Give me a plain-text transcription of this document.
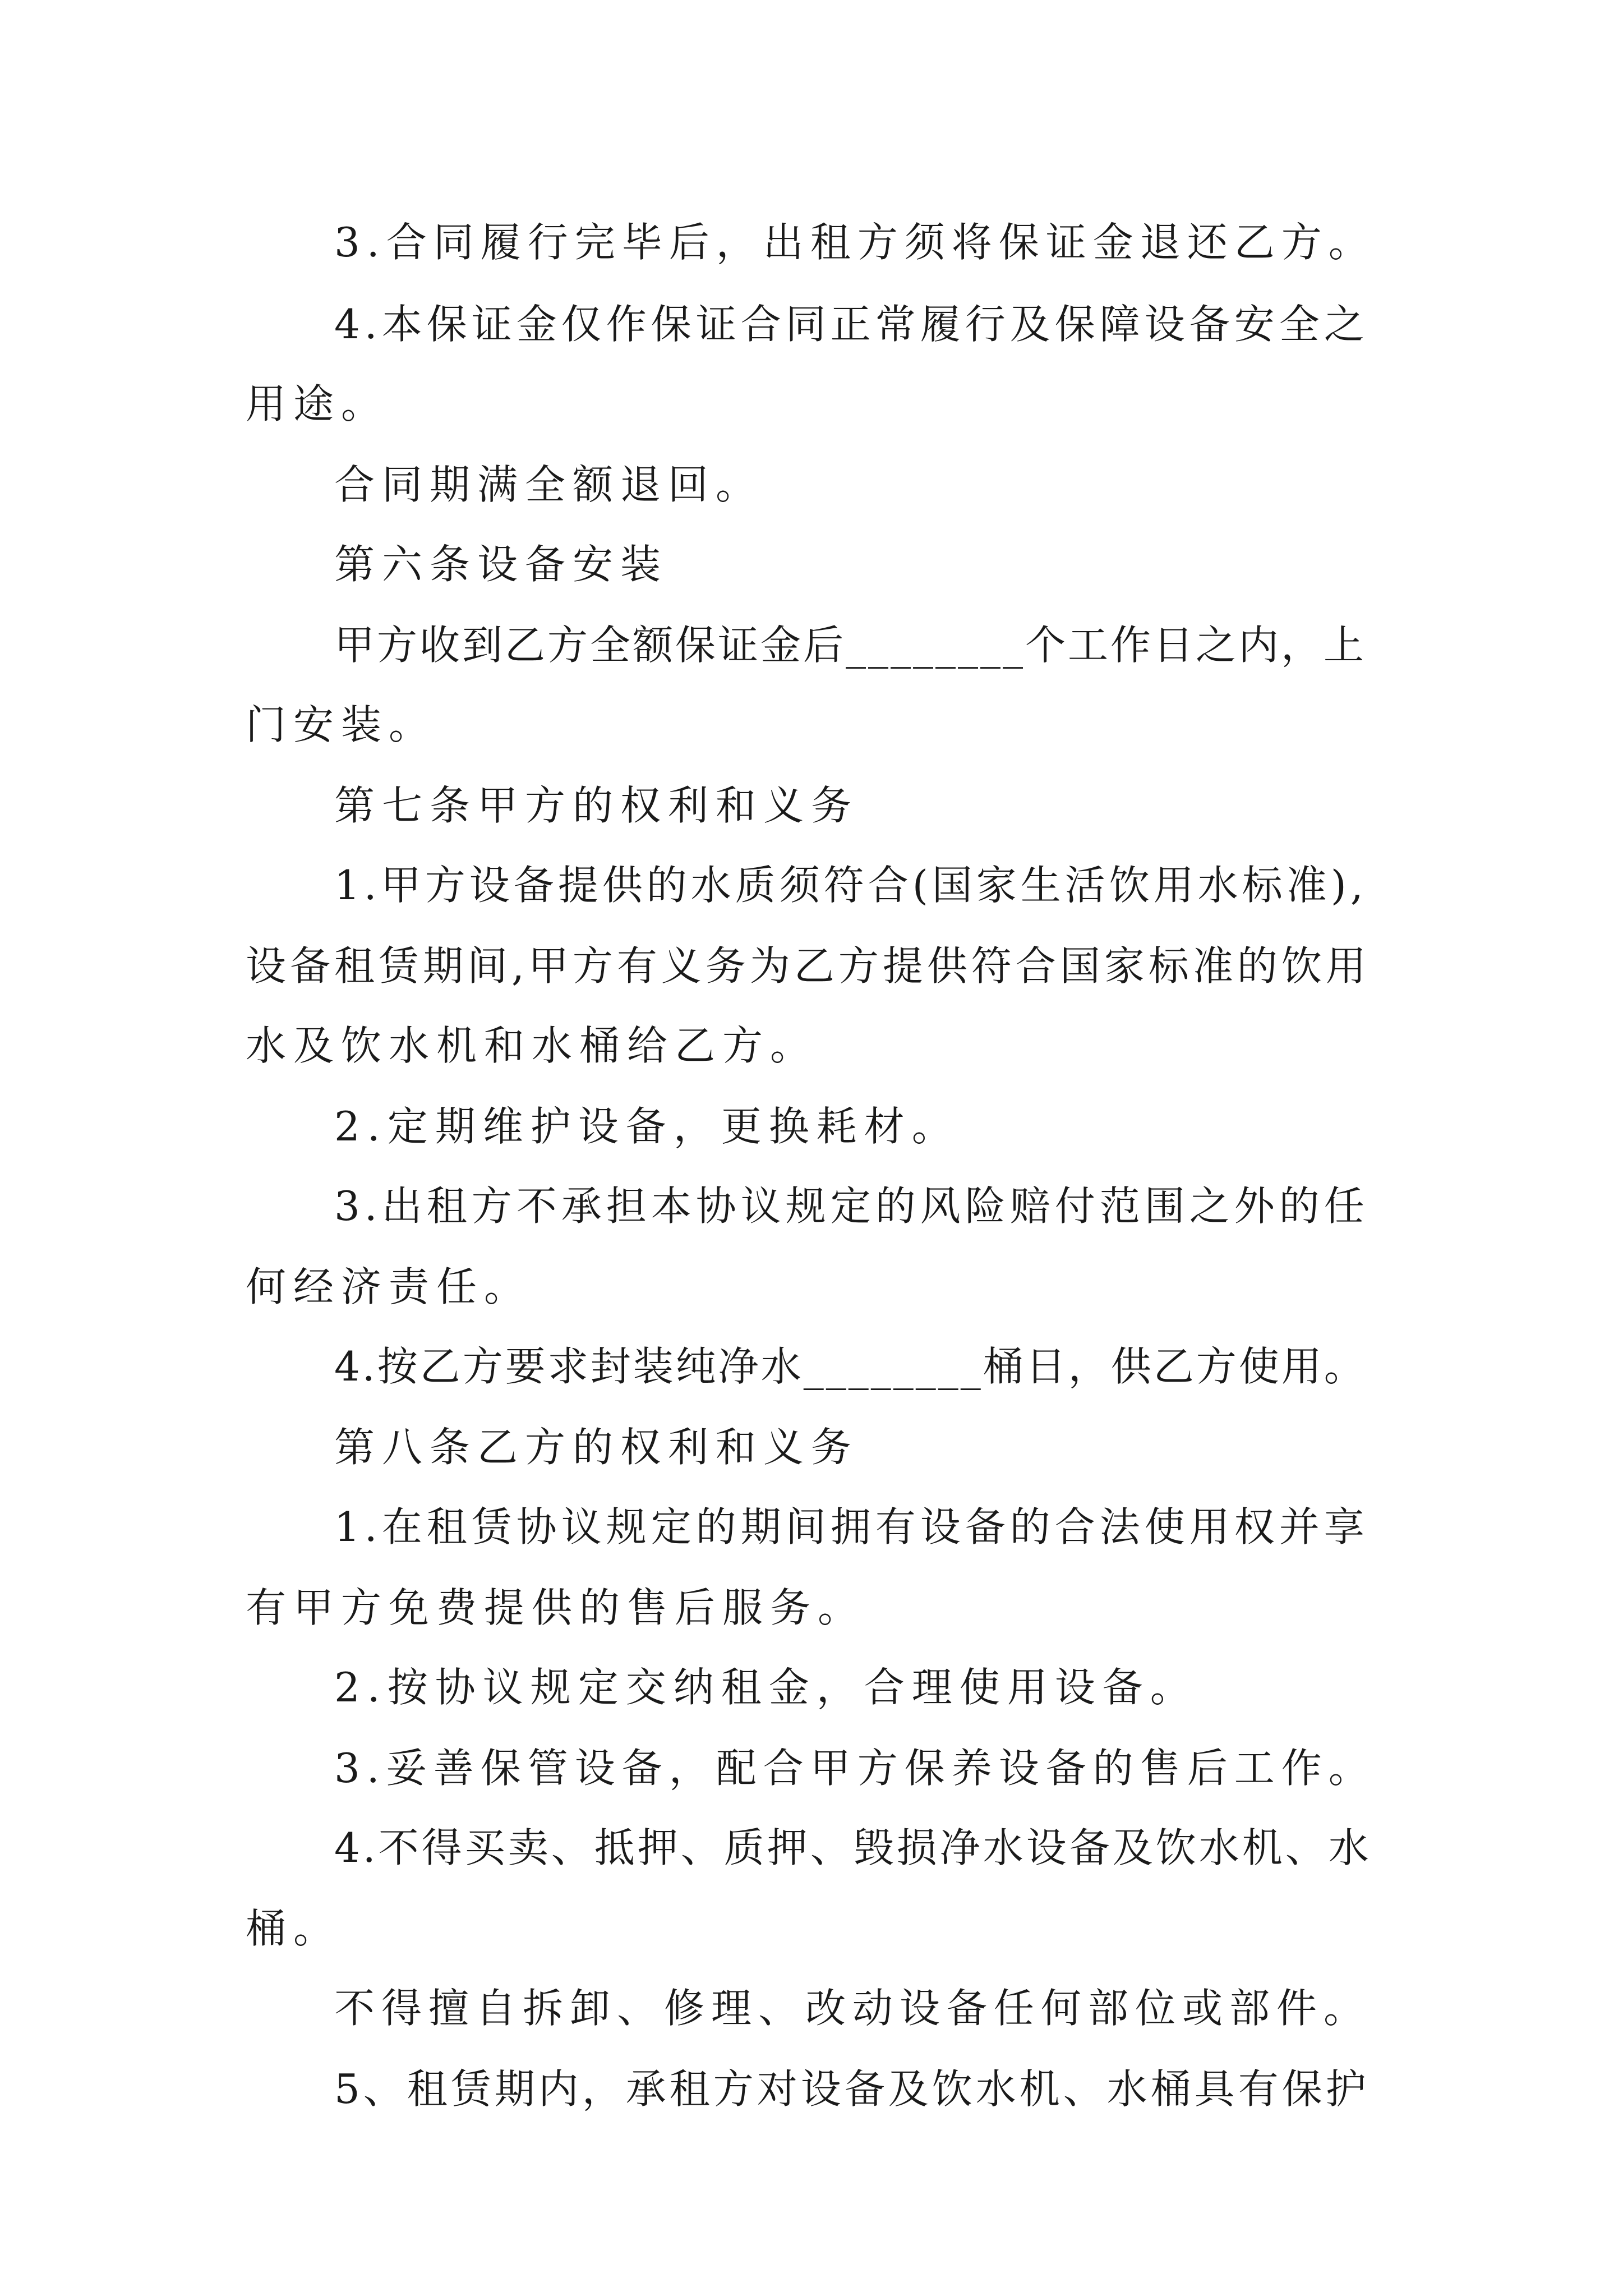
3.合同履行完毕后，出租方须将保证金退还乙方。
4.本保证金仅作保证合同正常履行及保障设备安全之
用途。
合同期满全额退回。
第六条设备安装
甲方收到乙方全额保证金后________个工作日之内，上
门安装。
第七条甲方的权利和义务
1.甲方设备提供的水质须符合(国家生活饮用水标准),
设备租赁期间,甲方有义务为乙方提供符合国家标准的饮用
水及饮水机和水桶给乙方。
2.定期维护设备，更换耗材。
3.出租方不承担本协议规定的风险赔付范围之外的任
何经济责任。
4.按乙方要求封装纯净水________桶日，供乙方使用。
第八条乙方的权利和义务
1.在租赁协议规定的期间拥有设备的合法使用权并享
有甲方免费提供的售后服务。
2.按协议规定交纳租金，合理使用设备。
3.妥善保管设备，配合甲方保养设备的售后工作。
4.不得买卖、抵押、质押、毁损净水设备及饮水机、水
桶。
不得擅自拆卸、修理、改动设备任何部位或部件。
5、租赁期内，承租方对设备及饮水机、水桶具有保护
